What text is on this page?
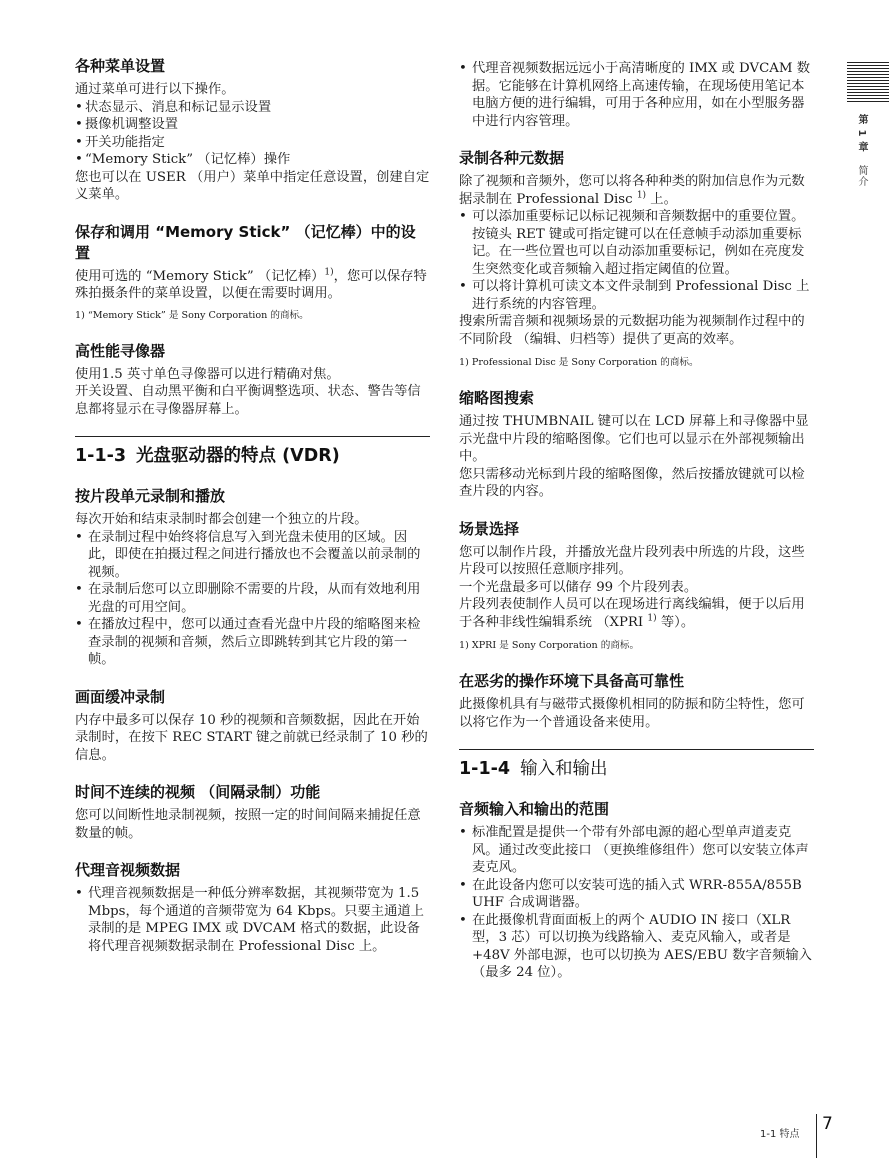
第 1 章 简介
各种菜单设置

通过菜单可进行以下操作。

• 状态显示、消息和标记显示设置
• 摄像机调整设置
• 开关功能指定
• “Memory Stick” （记忆棒）操作

您也可以在 USER （用户）菜单中指定任意设置，创建自定义菜单。

保存和调用 “Memory Stick” （记忆棒）中的设置

使用可选的 “Memory Stick” （记忆棒）$^{1)}$，您可以保存特殊拍摄条件的菜单设置，以便在需要时调用。

1) “Memory Stick” 是 Sony Corporation 的商标。

高性能寻像器

使用1.5 英寸单色寻像器可以进行精确对焦。

开关设置、自动黑平衡和白平衡调整选项、状态、警告等信息都将显示在寻像器屏幕上。

1-1-3 光盘驱动器的特点 (VDR)
按片段单元录制和播放

每次开始和结束录制时都会创建一个独立的片段。

• 在录制过程中始终将信息写入到光盘未使用的区域。因此，即使在拍摄过程之间进行播放也不会覆盖以前录制的视频。
• 在录制后您可以立即删除不需要的片段，从而有效地利用光盘的可用空间。
• 在播放过程中，您可以通过查看光盘中片段的缩略图来检查录制的视频和音频，然后立即跳转到其它片段的第一帧。
画面缓冲录制

内存中最多可以保存 10 秒的视频和音频数据，因此在开始录制时，在按下 REC START 键之前就已经录制了 10 秒的信息。

时间不连续的视频 （间隔录制）功能

您可以间断性地录制视频，按照一定的时间间隔来捕捉任意数量的帧。

代理音视频数据
• 代理音视频数据是一种低分辨率数据，其视频带宽为 1.5 Mbps，每个通道的音频带宽为 64 Kbps。只要主通道上录制的是 MPEG IMX 或 DVCAM 格式的数据，此设备将代理音视频数据录制在 Professional Disc 上。
• 代理音视频数据远远小于高清晰度的 IMX 或 DVCAM 数据。它能够在计算机网络上高速传输，在现场使用笔记本电脑方便的进行编辑，可用于各种应用，如在小型服务器中进行内容管理。
录制各种元数据

除了视频和音频外，您可以将各种种类的附加信息作为元数据录制在 Professional Disc $^{1)}$ 上。

• 可以添加重要标记以标记视频和音频数据中的重要位置。
按镜头 RET 键或可指定键可以在任意帧手动添加重要标记。在一些位置也可以自动添加重要标记，例如在亮度发生突然变化或音频输入超过指定阈值的位置。
• 可以将计算机可读文本文件录制到 Professional Disc 上进行系统的内容管理。

搜索所需音频和视频场景的元数据功能为视频制作过程中的不同阶段 （编辑、归档等）提供了更高的效率。

1) Professional Disc 是 Sony Corporation 的商标。

缩略图搜索

通过按 THUMBNAIL 键可以在 LCD 屏幕上和寻像器中显示光盘中片段的缩略图像。它们也可以显示在外部视频输出中。

您只需移动光标到片段的缩略图像，然后按播放键就可以检查片段的内容。

场景选择

您可以制作片段，并播放光盘片段列表中所选的片段，这些片段可以按照任意顺序排列。

一个光盘最多可以储存 99 个片段列表。

片段列表使制作人员可以在现场进行离线编辑，便于以后用于各种非线性编辑系统 （XPRI $^{1)}$ 等）。

1) XPRI 是 Sony Corporation 的商标。

在恶劣的操作环境下具备高可靠性

此摄像机具有与磁带式摄像机相同的防振和防尘特性，您可以将它作为一个普通设备来使用。

1-1-4 输入和输出
音频输入和输出的范围
• 标准配置是提供一个带有外部电源的超心型单声道麦克风。通过改变此接口 （更换维修组件）您可以安装立体声麦克风。
• 在此设备内您可以安装可选的插入式 WRR-855A/855B UHF 合成调谐器。
• 在此摄像机背面面板上的两个 AUDIO IN 接口（XLR 型，3 芯）可以切换为线路输入、麦克风输入，或者是 +48V 外部电源，也可以切换为 AES/EBU 数字音频输入 （最多 24 位）。
1-1 特点
7
